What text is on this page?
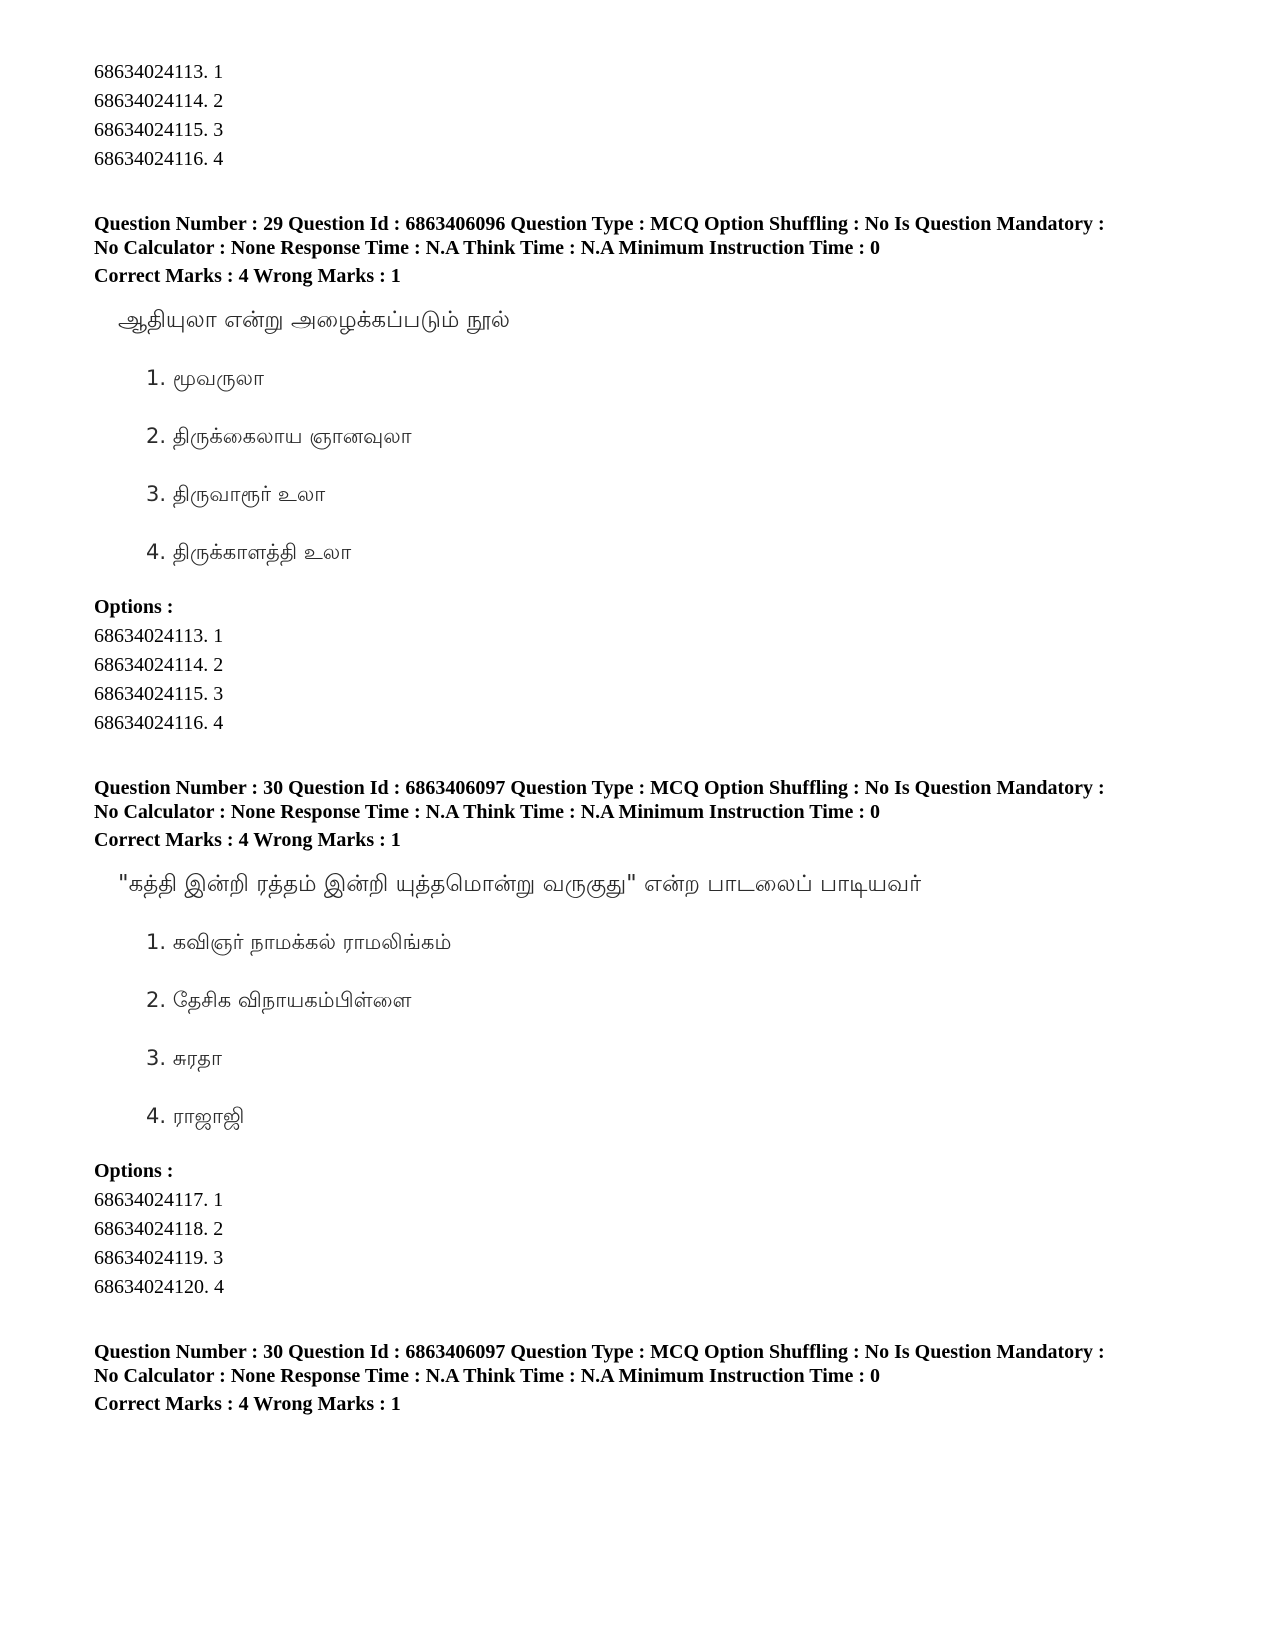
68634024113. 1
68634024114. 2
68634024115. 3
68634024116. 4
Question Number : 29 Question Id : 6863406096 Question Type : MCQ Option Shuffling : No Is Question Mandatory :
No Calculator : None Response Time : N.A Think Time : N.A Minimum Instruction Time : 0
Correct Marks : 4 Wrong Marks : 1
ஆதியுலா என்று அழைக்கப்படும் நூல்
1. மூவருலா
2. திருக்கைலாய ஞானவுலா
3. திருவாரூர் உலா
4. திருக்காளத்தி உலா
Options :
68634024113. 1
68634024114. 2
68634024115. 3
68634024116. 4
Question Number : 30 Question Id : 6863406097 Question Type : MCQ Option Shuffling : No Is Question Mandatory :
No Calculator : None Response Time : N.A Think Time : N.A Minimum Instruction Time : 0
Correct Marks : 4 Wrong Marks : 1
"கத்தி இன்றி ரத்தம் இன்றி யுத்தமொன்று வருகுது" என்ற பாடலைப் பாடியவர்
1. கவிஞர் நாமக்கல் ராமலிங்கம்
2. தேசிக விநாயகம்பிள்ளை
3. சுரதா
4. ராஜாஜி
Options :
68634024117. 1
68634024118. 2
68634024119. 3
68634024120. 4
Question Number : 30 Question Id : 6863406097 Question Type : MCQ Option Shuffling : No Is Question Mandatory :
No Calculator : None Response Time : N.A Think Time : N.A Minimum Instruction Time : 0
Correct Marks : 4 Wrong Marks : 1
